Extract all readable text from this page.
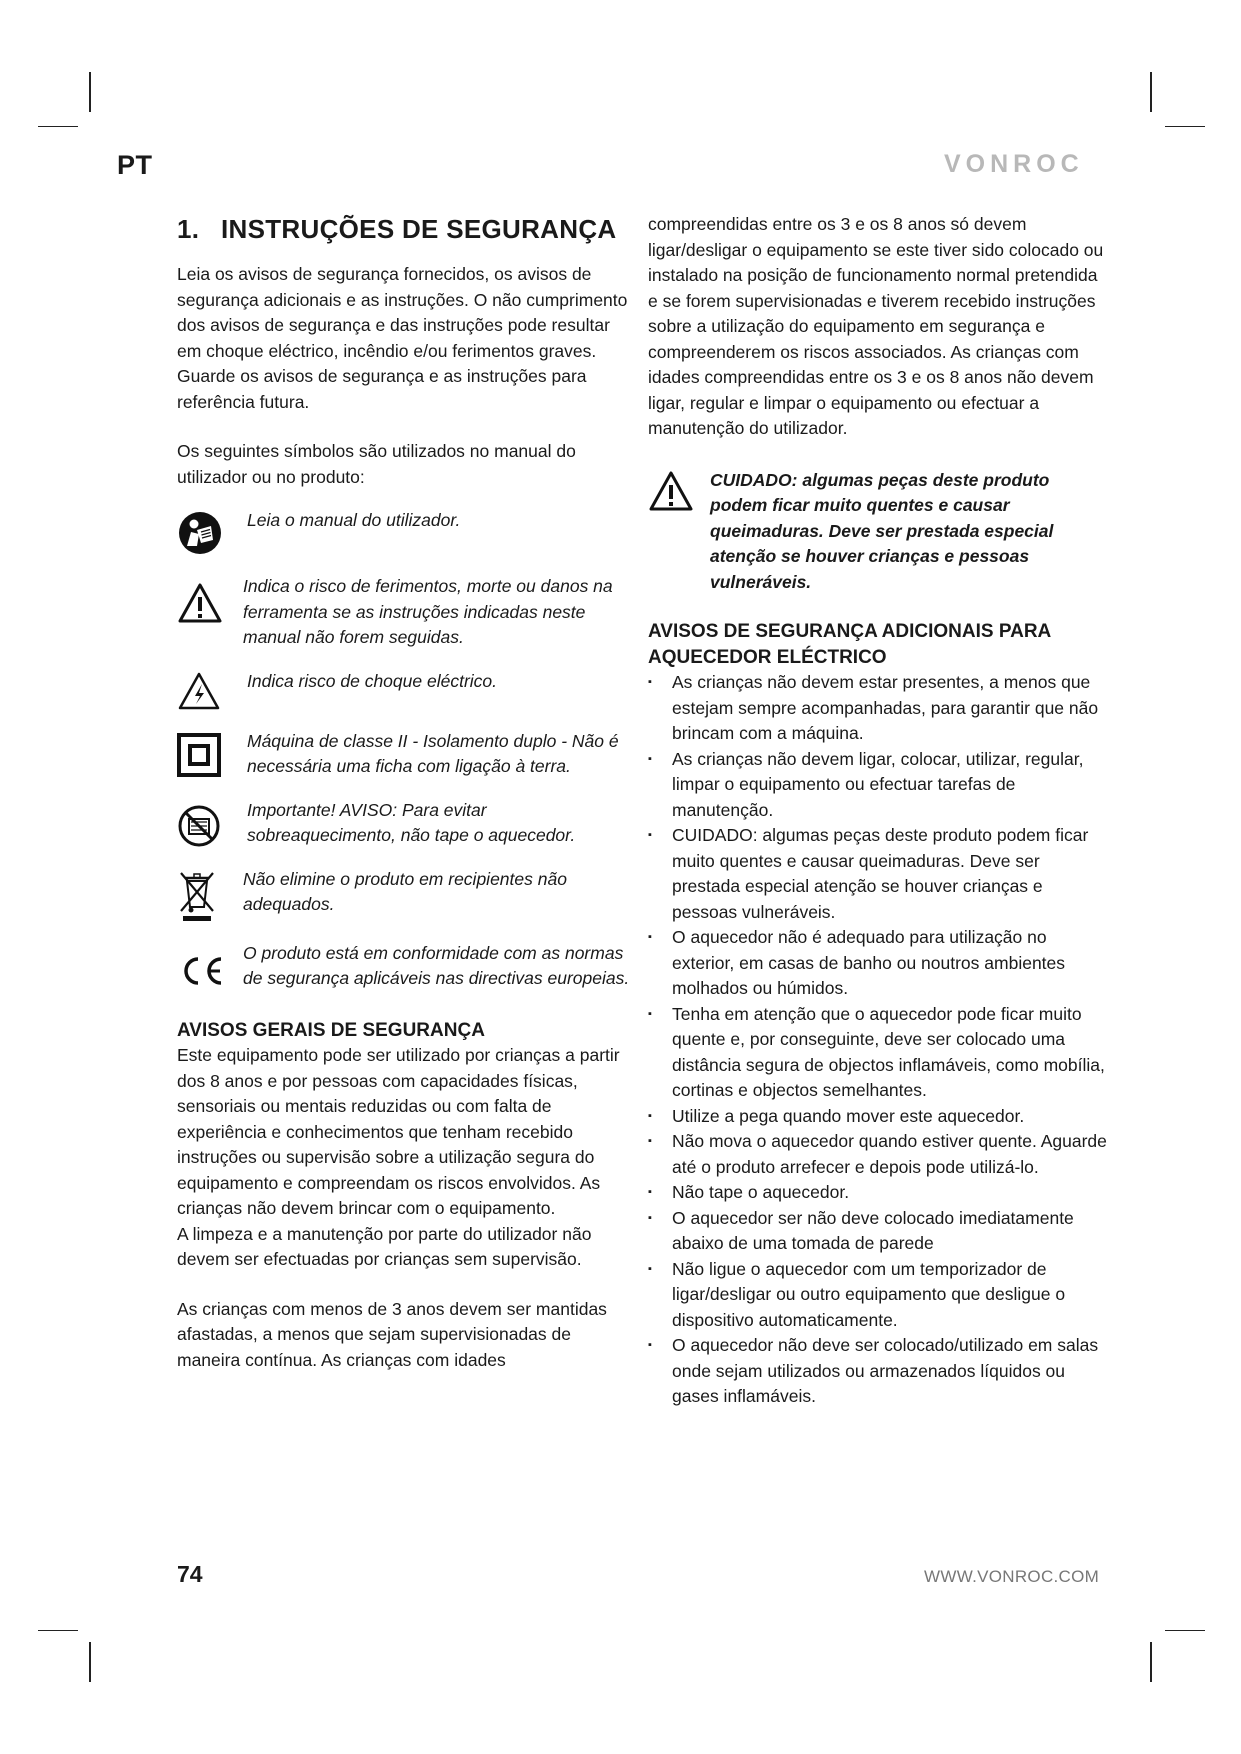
PT	VONROC
1. INSTRUÇÕES DE SEGURANÇA

Leia os avisos de segurança fornecidos, os avisos de segurança adicionais e as instruções. O não cumprimento dos avisos de segurança e das instruções pode resultar em choque eléctrico, incêndio e/ou ferimentos graves. Guarde os avisos de segurança e as instruções para referência futura.

Os seguintes símbolos são utilizados no manual do utilizador ou no produto:

Leia o manual do utilizador.
Indica o risco de ferimentos, morte ou danos na ferramenta se as instruções indicadas neste manual não forem seguidas.
Indica risco de choque eléctrico.
Máquina de classe II - Isolamento duplo - Não é necessária uma ficha com ligação à terra.
Importante! AVISO: Para evitar sobreaquecimento, não tape o aquecedor.
Não elimine o produto em recipientes não adequados.
O produto está em conformidade com as normas de segurança aplicáveis nas directivas europeias.
AVISOS GERAIS DE SEGURANÇA

Este equipamento pode ser utilizado por crianças a partir dos 8 anos e por pessoas com capacidades físicas, sensoriais ou mentais reduzidas ou com falta de experiência e conhecimentos que tenham recebido instruções ou supervisão sobre a utilização segura do equipamento e compreendam os riscos envolvidos. As crianças não devem brincar com o equipamento.

A limpeza e a manutenção por parte do utilizador não devem ser efectuadas por crianças sem supervisão.

As crianças com menos de 3 anos devem ser mantidas afastadas, a menos que sejam supervisionadas de maneira contínua. As crianças com idades

compreendidas entre os 3 e os 8 anos só devem ligar/desligar o equipamento se este tiver sido colocado ou instalado na posição de funcionamento normal pretendida e se forem supervisionadas e tiverem recebido instruções sobre a utilização do equipamento em segurança e compreenderem os riscos associados. As crianças com idades compreendidas entre os 3 e os 8 anos não devem ligar, regular e limpar o equipamento ou efectuar a manutenção do utilizador.

CUIDADO: algumas peças deste produto podem ficar muito quentes e causar queimaduras. Deve ser prestada especial atenção se houver crianças e pessoas vulneráveis.
AVISOS DE SEGURANÇA ADICIONAIS PARA AQUECEDOR ELÉCTRICO
▪ As crianças não devem estar presentes, a menos que estejam sempre acompanhadas, para garantir que não brincam com a máquina.
▪ As crianças não devem ligar, colocar, utilizar, regular, limpar o equipamento ou efectuar tarefas de manutenção.
▪ CUIDADO: algumas peças deste produto podem ficar muito quentes e causar queimaduras. Deve ser prestada especial atenção se houver crianças e pessoas vulneráveis.
▪ O aquecedor não é adequado para utilização no exterior, em casas de banho ou noutros ambientes molhados ou húmidos.
▪ Tenha em atenção que o aquecedor pode ficar muito quente e, por conseguinte, deve ser colocado uma distância segura de objectos inflamáveis, como mobília, cortinas e objectos semelhantes.
▪ Utilize a pega quando mover este aquecedor.
▪ Não mova o aquecedor quando estiver quente. Aguarde até o produto arrefecer e depois pode utilizá-lo.
▪ Não tape o aquecedor.
▪ O aquecedor ser não deve colocado imediatamente abaixo de uma tomada de parede
▪ Não ligue o aquecedor com um temporizador de ligar/desligar ou outro equipamento que desligue o dispositivo automaticamente.
▪ O aquecedor não deve ser colocado/utilizado em salas onde sejam utilizados ou armazenados líquidos ou gases inflamáveis.
74	WWW.VONROC.COM
